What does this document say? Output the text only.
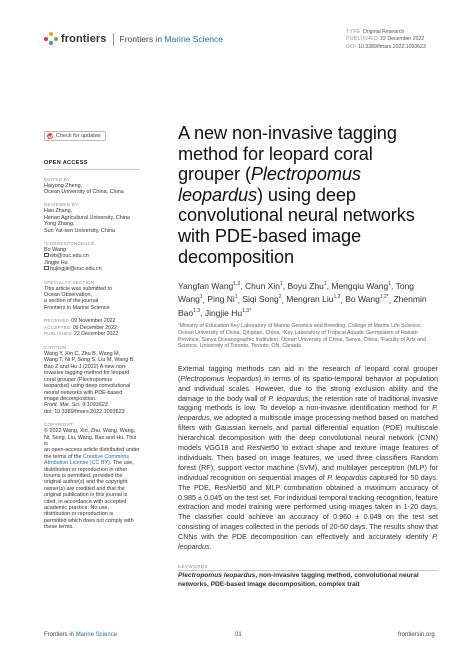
frontiers Frontiers in Marine Science
TYPE Original Research
PUBLISHED 22 December 2022
DOI 10.3389/fmars.2022.1093623
Check for updates
OPEN ACCESS
EDITED BY
Haiyong Zheng,
Ocean University of China, China
REVIEWED BY
Hao Zhang,
Henan Agricultural University, China
Yong Zhang,
Sun Yat-sen University, China
*CORRESPONDENCE
Bo Wang
wb@ouc.edu.cn
Jingjie Hu
hujingjie@ouc.edu.cn
SPECIALTY SECTION
This article was submitted to
Ocean Observation,
a section of the journal
Frontiers in Marine Science
RECEIVED 09 November 2022
ACCEPTED 09 December 2022
PUBLISHED 22 December 2022
CITATION
Wang Y, Xin C, Zhu B, Wang M,
Wang T, Ni P, Song S, Liu M, Wang B,
Bao Z and Hu J (2022) A new non-
invasive tagging method for leopard
coral grouper (Plectropomus
leopardus) using deep convolutional
neural networks with PDE-based
image decomposition.
Front. Mar. Sci. 9:1093623.
doi: 10.3389/fmars.2022.1093623
COPYRIGHT
© 2022 Wang, Xin, Zhu, Wang, Wang,
Ni, Song, Liu, Wang, Bao and Hu. This is
an open-access article distributed under
the terms of the Creative Commons
Attribution License (CC BY). The use,
distribution or reproduction in other
forums is permitted, provided the
original author(s) and the copyright
owner(s) are credited and that the
original publication in this journal is
cited, in accordance with accepted
academic practice. No use,
distribution or reproduction is
permitted which does not comply with
these terms.
A new non-invasive tagging method for leopard coral grouper (Plectropomus leopardus) using deep convolutional neural networks with PDE-based image decomposition
Yangfan Wang$^{1,2}$, Chun Xin$^1$, Boyu Zhu$^1$, Mengqiu Wang$^1$, Tong Wang$^1$, Ping Ni$^1$, Siqi Song$^2$, Mengran Liu$^{1,2}$, Bo Wang$^{1,2*}$, Zhenmin Bao$^{1,3}$, Jingjie $Hu^{1,3*}$
¹Ministry of Education Key Laboratory of Marine Genetics and Breeding, College of Marine Life Science, Ocean University of China, Qingdao, China, ²Key Laboratory of Tropical Aquatic Germplasm of Hainan Province, Sanya Oceanographic Institution, Ocean University of China, Sanya, China, ³Faculty of Arts and Science, University of Toronto, Toronto, ON, Canada
External tagging methods can aid in the research of leopard coral grouper (Plectropomus leopardus) in terms of its spatio-temporal behavior at population and individual scales. However, due to the strong exclusion ability and the damage to the body wall of P. leopardus, the retention rate of traditional invasive tagging methods is low. To develop a non-invasive identification method for P. leopardus, we adopted a multiscale image processing method based on matched filters with Gaussian kernels and partial differential equation (PDE) multiscale hierarchical decomposition with the deep convolutional neural network (CNN) models VGG19 and ResNet50 to extract shape and texture image features of individuals. Then based on image features, we used three classifiers Random forest (RF), support vector machine (SVM), and multilayer perceptron (MLP) for individual recognition on sequential images of P. leopardus captured for 50 days. The PDE, ResNet50 and MLP combination obtained a maximum accuracy of 0.985 ± 0.045 on the test set. For individual temporal tracking recognition, feature extraction and model training were performed using images taken in 1-20 days. The classifier could achieve an accuracy of 0.960 ± 0.049 on the test set consisting of images collected in the periods of 20-50 days. The results show that CNNs with the PDE decomposition can effectively and accurately identify P. leopardus.
KEYWORDS
Plectropomus leopardus, non-invasive tagging method, convolutional neural networks, PDE-based image decomposition, complex trait
Frontiers in Marine Science	01	frontiersin.org
